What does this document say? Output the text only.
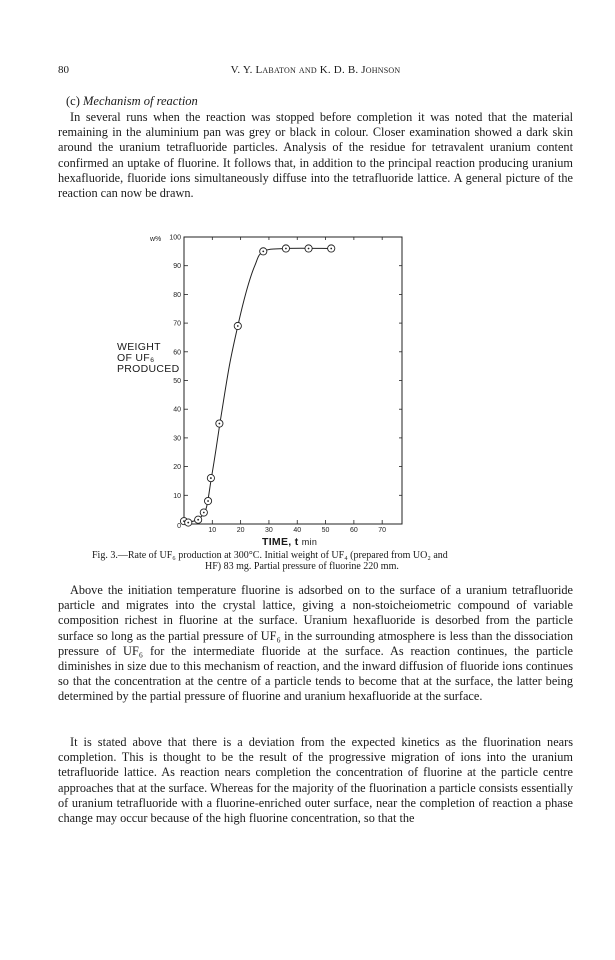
80	V. Y. Labaton and K. D. B. Johnson
(c) Mechanism of reaction

In several runs when the reaction was stopped before completion it was noted that the material remaining in the aluminium pan was grey or black in colour. Closer examination showed a dark skin around the uranium tetrafluoride particles. Analysis of the residue for tetravalent uranium content confirmed an uptake of fluorine. It follows that, in addition to the principal reaction producing uranium hexafluoride, fluoride ions simultaneously diffuse into the tetrafluoride lattice. A general picture of the reaction can now be drawn.

10
20
30
40
50
60
70
80
90
100
10	20	30	40	50	60	70
0
w%
WEIGHT
OF UF₆
PRODUCED
TIME, t min
Fig. 3.—Rate of UF₆ production at 300°C. Initial weight of UF₄ (prepared from UO₂ and
HF) 83 mg. Partial pressure of fluorine 220 mm.

Above the initiation temperature fluorine is adsorbed on to the surface of a uranium tetrafluoride particle and migrates into the crystal lattice, giving a non-stoicheiometric compound of variable composition richest in fluorine at the surface. Uranium hexafluoride is desorbed from the particle surface so long as the partial pressure of UF₆ in the surrounding atmosphere is less than the dissociation pressure of UF₆ for the intermediate fluoride at the surface. As reaction continues, the particle diminishes in size due to this mechanism of reaction, and the inward diffusion of fluoride ions continues so that the concentration at the centre of a particle tends to become that at the surface, the latter being determined by the partial pressure of fluorine and uranium hexafluoride at the surface.

It is stated above that there is a deviation from the expected kinetics as the fluorination nears completion. This is thought to be the result of the progressive migration of ions into the uranium tetrafluoride lattice. As reaction nears completion the concentration of fluorine at the particle centre approaches that at the surface. Whereas for the majority of the fluorination a particle consists essentially of uranium tetrafluoride with a fluorine-enriched outer surface, near the completion of reaction a phase change may occur because of the high fluorine concentration, so that the
